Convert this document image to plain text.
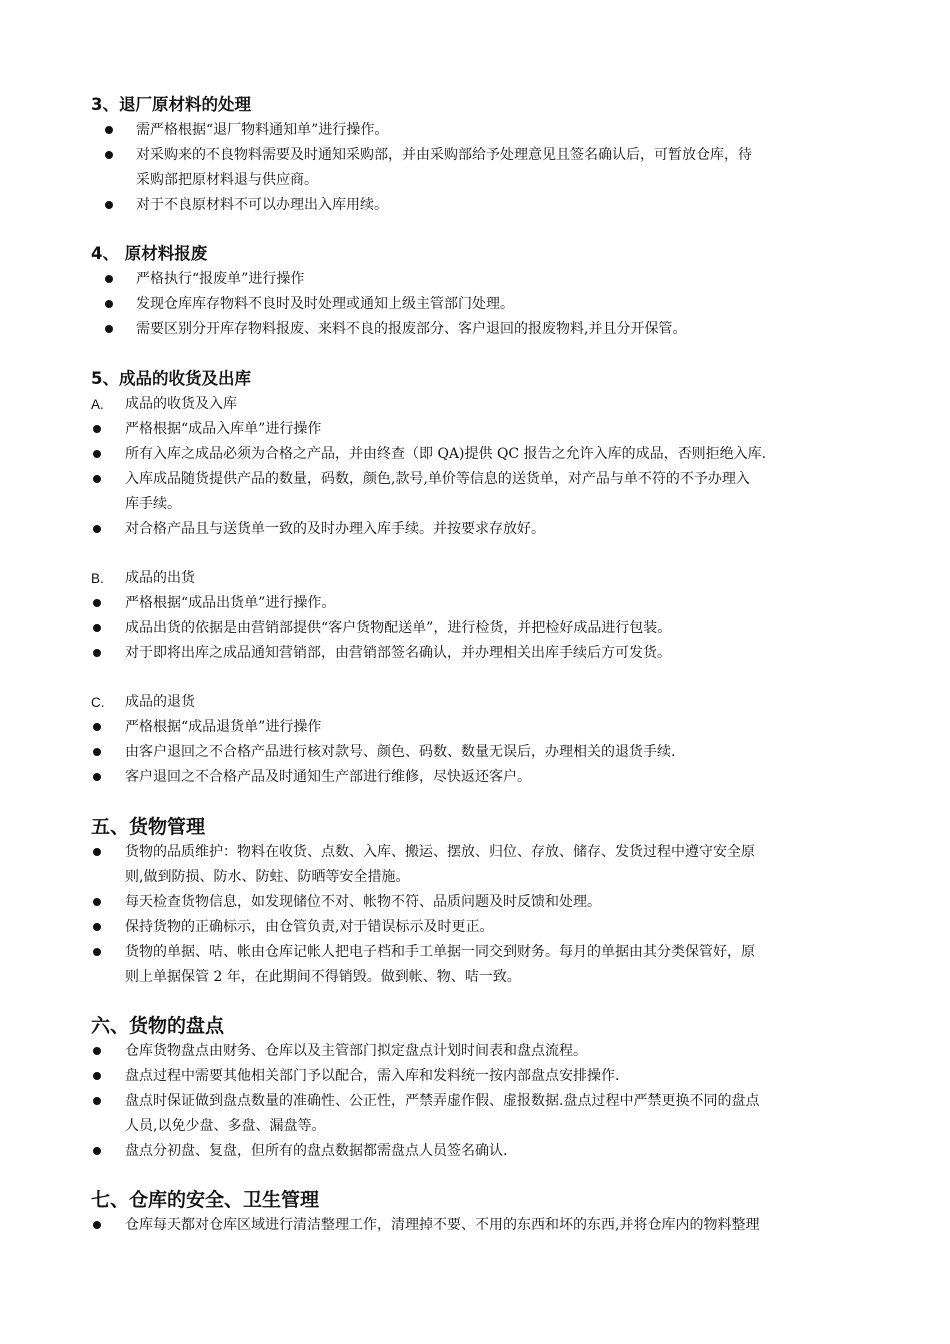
3、退厂原材料的处理
需严格根据“退厂物料通知单”进行操作。
对采购来的不良物料需要及时通知采购部，并由采购部给予处理意见且签名确认后，可暂放仓库，待
采购部把原材料退与供应商。
对于不良原材料不可以办理出入库用续。
4、 原材料报废
严格执行“报废单”进行操作
发现仓库库存物料不良时及时处理或通知上级主管部门处理。
需要区别分开库存物料报废、来料不良的报废部分、客户退回的报废物料,并且分开保管。
5、成品的收货及出库
A. 成品的收货及入库
严格根据“成品入库单”进行操作
所有入库之成品必须为合格之产品，并由终查（即 QA)提供 QC 报告之允许入库的成品，否则拒绝入库.
入库成品随货提供产品的数量，码数，颜色,款号,单价等信息的送货单，对产品与单不符的不予办理入
库手续。
对合格产品且与送货单一致的及时办理入库手续。并按要求存放好。
B. 成品的出货
严格根据“成品出货单”进行操作。
成品出货的依据是由营销部提供“客户货物配送单”，进行检货，并把检好成品进行包装。
对于即将出库之成品通知营销部，由营销部签名确认，并办理相关出库手续后方可发货。
C. 成品的退货
严格根据“成品退货单”进行操作
由客户退回之不合格产品进行核对款号、颜色、码数、数量无误后，办理相关的退货手续.
客户退回之不合格产品及时通知生产部进行维修，尽快返还客户。
五、货物管理
货物的品质维护：物料在收货、点数、入库、搬运、摆放、归位、存放、储存、发货过程中遵守安全原
则,做到防损、防水、防蛀、防晒等安全措施。
每天检查货物信息，如发现储位不对、帐物不符、品质问题及时反馈和处理。
保持货物的正确标示，由仓管负责,对于错误标示及时更正。
货物的单据、咭、帐由仓库记帐人把电子档和手工单据一同交到财务。每月的单据由其分类保管好，原
则上单据保管 2 年，在此期间不得销毁。做到帐、物、咭一致。
六、货物的盘点
仓库货物盘点由财务、仓库以及主管部门拟定盘点计划时间表和盘点流程。
盘点过程中需要其他相关部门予以配合，需入库和发料统一按内部盘点安排操作.
盘点时保证做到盘点数量的准确性、公正性，严禁弄虚作假、虚报数据.盘点过程中严禁更换不同的盘点
人员,以免少盘、多盘、漏盘等。
盘点分初盘、复盘，但所有的盘点数据都需盘点人员签名确认.
七、仓库的安全、卫生管理
仓库每天都对仓库区域进行清洁整理工作，清理掉不要、不用的东西和坏的东西,并将仓库内的物料整理
